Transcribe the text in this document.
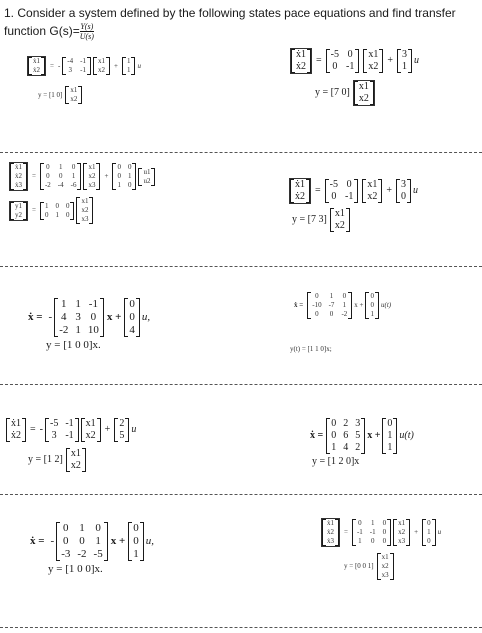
1. Consider a system defined by the following states pace equations and find transfer function $G(s)= \frac{Y(s)}{U(s)}$
ẋ1
ẋ2
= -
-4 -1
3 -1
x1
x2
+
1
1
u
y = [1 0]
x1
x2
ẋ1
ẋ2
=
-5 0
0 -1
x1
x2
+
3
1
u
y = [7 0]
x1
x2
ẋ1
ẋ2
ẋ3
=
0 1 0
0 0 1
-2 -4 -6
x1
x2
x3
+
0 0
0 1
1 0
u1
u2
y1
y2
=
1 0 0
0 1 0
x1
x2
x3
ẋ1
ẋ2
=
-5 0
0 -1
x1
x2
+
3
0
u
y = [7 3]
x1
x2
ẋ = -
1 1 -1
4 3 0
-2 1 10
x +
0
0
4
u,
y = [1 0 0]x.
ẋ =
0	1 0
-10 -7 1
0	0 -2
x +
0
0
1
u(t)
y(t) = [1 1 0]x;
ẋ1
ẋ2
= -
-5 -1
3 -1
x1
x2
+
2
5
u
y = [1 2]
x1
x2
ẋ =
0 2 3
0 6 5
1 4 2
x +
0
1
1
u(t)
y = [1 2 0]x
ẋ = -
0 1 0
0 0 1
-3 -2 -5
x +
0
0
1
u,
y = [1 0 0]x.
ẋ1
ẋ2
ẋ3
=
0 1 0
-1 -1 0
1 0 0
x1
x2
x3
+
0
1
0
u
y = [0 0 1]
x1
x2
x3
